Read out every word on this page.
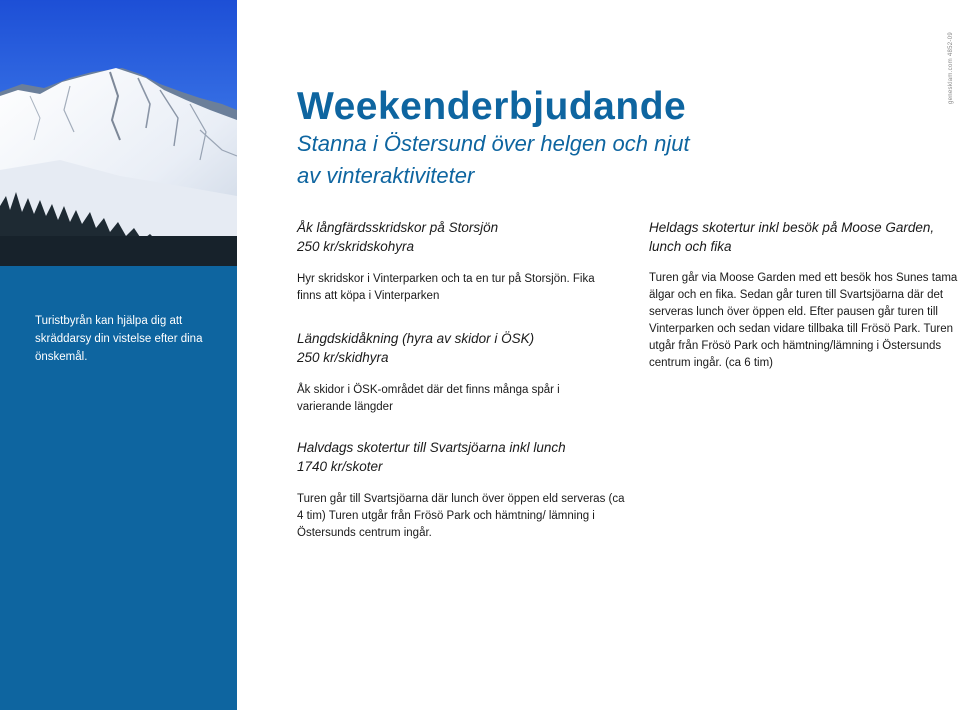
Turistbyrån kan hjälpa dig att skräddarsy din vistelse efter dina önskemål.

genesklam.com 4852-09
Weekenderbjudande
Stanna i Östersund över helgen och njut av vinteraktiviteter
Åk långfärdsskridskor på Storsjön

250 kr/skridskohyra

Hyr skridskor i Vinterparken och ta en tur på Storsjön. Fika finns att köpa i Vinterparken

Längdskidåkning (hyra av skidor i ÖSK)

250 kr/skidhyra

Åk skidor i ÖSK-området där det finns många spår i varierande längder

Halvdags skotertur till Svartsjöarna inkl lunch

1740 kr/skoter

Turen går till Svartsjöarna där lunch över öppen eld serveras (ca 4 tim) Turen utgår från Frösö Park och hämtning/ lämning i Östersunds centrum ingår.

Heldags skotertur inkl besök på Moose Garden, lunch och fika

Turen går via Moose Garden med ett besök hos Sunes tama älgar och en fika. Sedan går turen till Svartsjöarna där det serveras lunch över öppen eld. Efter pausen går turen till Vinterparken och sedan vidare tillbaka till Frösö Park. Turen utgår från Frösö Park och hämtning/lämning i Östersunds centrum ingår. (ca 6 tim)
